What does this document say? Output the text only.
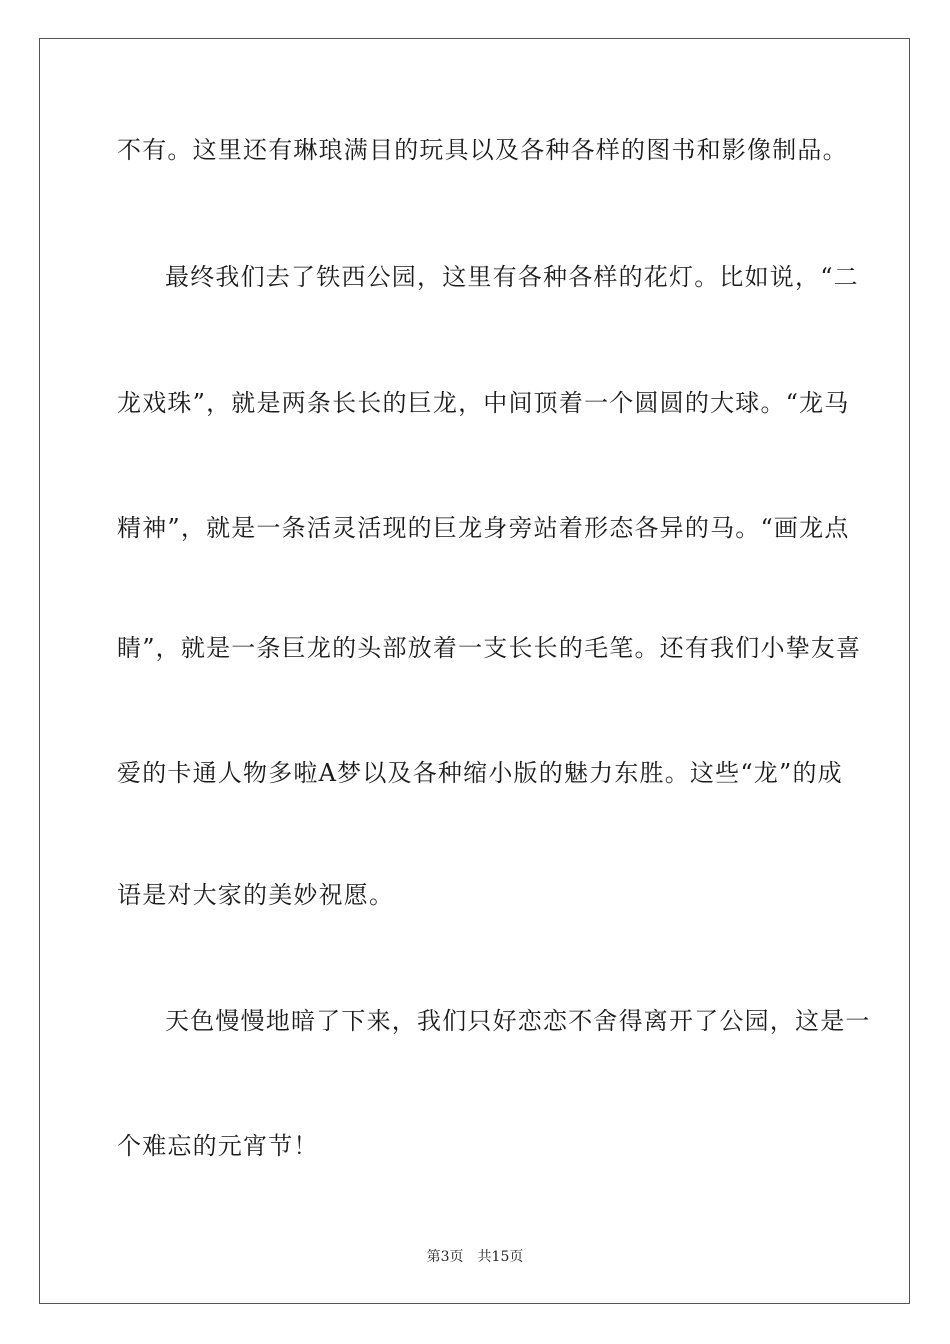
不有。这里还有琳琅满目的玩具以及各种各样的图书和影像制品。
最终我们去了铁西公园，这里有各种各样的花灯。比如说，“二
龙戏珠”，就是两条长长的巨龙，中间顶着一个圆圆的大球。“龙马
精神”，就是一条活灵活现的巨龙身旁站着形态各异的马。“画龙点
睛”，就是一条巨龙的头部放着一支长长的毛笔。还有我们小挚友喜
爱的卡通人物多啦A梦以及各种缩小版的魅力东胜。这些“龙”的成
语是对大家的美妙祝愿。
天色慢慢地暗了下来，我们只好恋恋不舍得离开了公园，这是一
个难忘的元宵节！
第3页 共15页
